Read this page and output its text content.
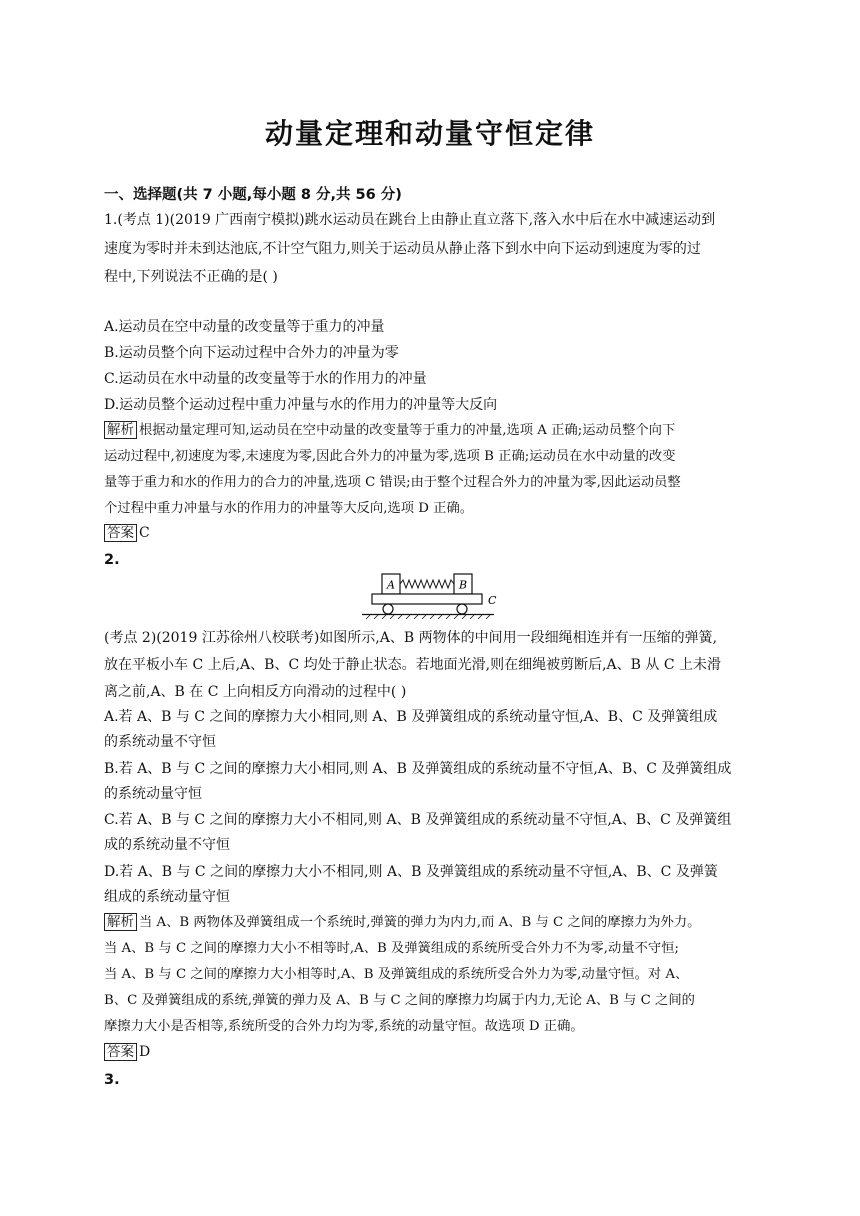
动量定理和动量守恒定律
一、选择题(共 7 小题,每小题 8 分,共 56 分)
1.(考点 1)(2019 广西南宁模拟)跳水运动员在跳台上由静止直立落下,落入水中后在水中减速运动到
速度为零时并未到达池底,不计空气阻力,则关于运动员从静止落下到水中向下运动到速度为零的过
程中,下列说法不正确的是( )
A.运动员在空中动量的改变量等于重力的冲量
B.运动员整个向下运动过程中合外力的冲量为零
C.运动员在水中动量的改变量等于水的作用力的冲量
D.运动员整个运动过程中重力冲量与水的作用力的冲量等大反向
解析 根据动量定理可知,运动员在空中动量的改变量等于重力的冲量,选项 A 正确;运动员整个向下
运动过程中,初速度为零,末速度为零,因此合外力的冲量为零,选项 B 正确;运动员在水中动量的改变
量等于重力和水的作用力的合力的冲量,选项 C 错误;由于整个过程合外力的冲量为零,因此运动员整
个过程中重力冲量与水的作用力的冲量等大反向,选项 D 正确。
答案 C
2.
A	B
C
(考点 2)(2019 江苏徐州八校联考)如图所示,A、B 两物体的中间用一段细绳相连并有一压缩的弹簧,
放在平板小车 C 上后,A、B、C 均处于静止状态。若地面光滑,则在细绳被剪断后,A、B 从 C 上未滑
离之前,A、B 在 C 上向相反方向滑动的过程中( )
A.若 A、B 与 C 之间的摩擦力大小相同,则 A、B 及弹簧组成的系统动量守恒,A、B、C 及弹簧组成
的系统动量不守恒
B.若 A、B 与 C 之间的摩擦力大小相同,则 A、B 及弹簧组成的系统动量不守恒,A、B、C 及弹簧组成
的系统动量守恒
C.若 A、B 与 C 之间的摩擦力大小不相同,则 A、B 及弹簧组成的系统动量不守恒,A、B、C 及弹簧组
成的系统动量不守恒
D.若 A、B 与 C 之间的摩擦力大小不相同,则 A、B 及弹簧组成的系统动量不守恒,A、B、C 及弹簧
组成的系统动量守恒
解析 当 A、B 两物体及弹簧组成一个系统时,弹簧的弹力为内力,而 A、B 与 C 之间的摩擦力为外力。
当 A、B 与 C 之间的摩擦力大小不相等时,A、B 及弹簧组成的系统所受合外力不为零,动量不守恒;
当 A、B 与 C 之间的摩擦力大小相等时,A、B 及弹簧组成的系统所受合外力为零,动量守恒。对 A、
B、C 及弹簧组成的系统,弹簧的弹力及 A、B 与 C 之间的摩擦力均属于内力,无论 A、B 与 C 之间的
摩擦力大小是否相等,系统所受的合外力均为零,系统的动量守恒。故选项 D 正确。
答案 D
3.
